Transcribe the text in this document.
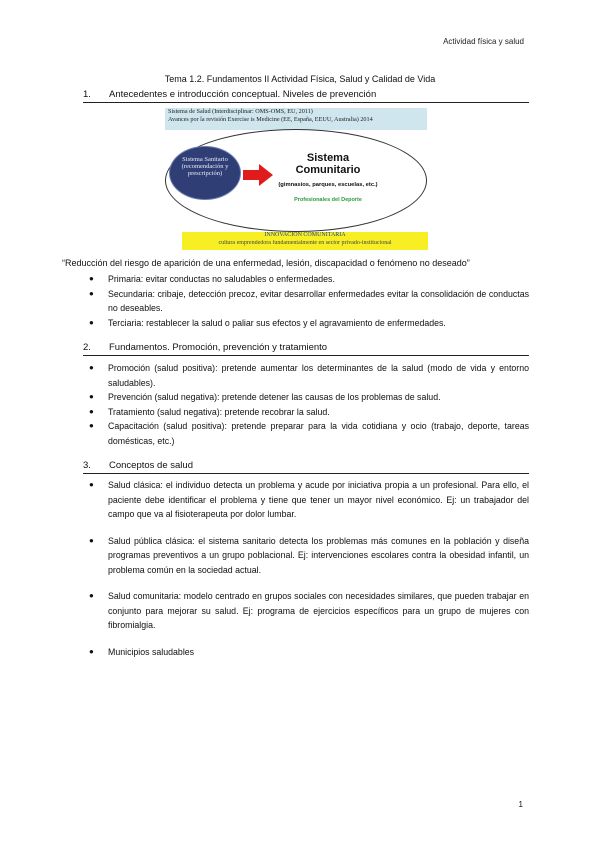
Actividad física y salud
Tema 1.2. Fundamentos II Actividad Física, Salud y Calidad de Vida
1. Antecedentes e introducción conceptual. Niveles de prevención
Sistema de Salud (Interdisciplinar: OMS-OMS, EU, 2011)
Avances por la revisión Exercise is Medicine (EE, España, EEUU, Australia) 2014
Sistema Sanitario (recomendación y prescripción)
Sistema
Comunitario
(gimnasios, parques, escuelas, etc.)
Profesionales del Deporte
INNOVACIÓN COMUNITARIA
cultura emprendedora fundamentalmente en sector privado-institucional
“Reducción del riesgo de aparición de una enfermedad, lesión, discapacidad o fenómeno no deseado”
● Primaria: evitar conductas no saludables o enfermedades.
● Secundaria: cribaje, detección precoz, evitar desarrollar enfermedades evitar la consolidación de conductas no deseables.
● Terciaria: restablecer la salud o paliar sus efectos y el agravamiento de enfermedades.
2. Fundamentos. Promoción, prevención y tratamiento
● Promoción (salud positiva): pretende aumentar los determinantes de la salud (modo de vida y entorno saludables).
● Prevención (salud negativa): pretende detener las causas de los problemas de salud.
● Tratamiento (salud negativa): pretende recobrar la salud.
● Capacitación (salud positiva): pretende preparar para la vida cotidiana y ocio (trabajo, deporte, tareas domésticas, etc.)
3. Conceptos de salud
● Salud clásica: el individuo detecta un problema y acude por iniciativa propia a un profesional. Para ello, el paciente debe identificar el problema y tiene que tener un mayor nivel económico. Ej: un trabajador del campo que va al fisioterapeuta por dolor lumbar.
● Salud pública clásica: el sistema sanitario detecta los problemas más comunes en la población y diseña programas preventivos a un grupo poblacional. Ej: intervenciones escolares contra la obesidad infantil, un problema común en la sociedad actual.
● Salud comunitaria: modelo centrado en grupos sociales con necesidades similares, que pueden trabajar en conjunto para mejorar su salud. Ej: programa de ejercicios específicos para un grupo de mujeres con fibromialgia.
● Municipios saludables
1
